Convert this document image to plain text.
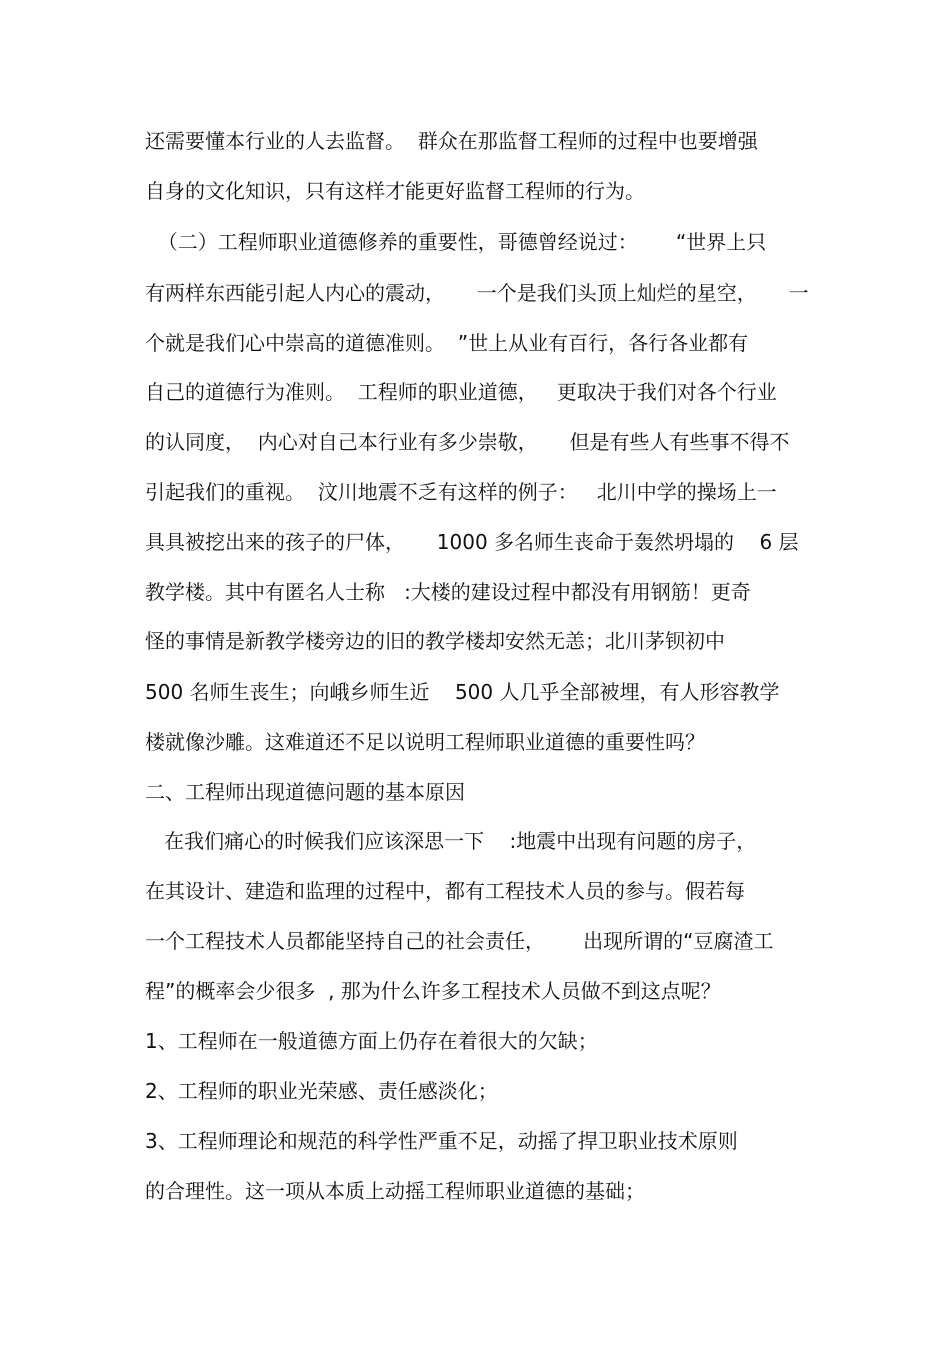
还需要懂本行业的人去监督。  群众在那监督工程师的过程中也要增强

自身的文化知识，只有这样才能更好监督工程师的行为。

（二）工程师职业道德修养的重要性，哥德曾经说过：      “世界上只

有两样东西能引起人内心的震动，     一个是我们头顶上灿烂的星空，     一

个就是我们心中崇高的道德准则。  ”世上从业有百行，各行各业都有

自己的道德行为准则。  工程师的职业道德，   更取决于我们对各个行业

的认同度，  内心对自己本行业有多少崇敬，     但是有些人有些事不得不

引起我们的重视。  汶川地震不乏有这样的例子：   北川中学的操场上一

具具被挖出来的孩子的尸体，     1000 多名师生丧命于轰然坍塌的    6 层

教学楼。其中有匿名人士称   :大楼的建设过程中都没有用钢筋！更奇

怪的事情是新教学楼旁边的旧的教学楼却安然无恙；北川茅钡初中

500 名师生丧生；向峨乡师生近    500 人几乎全部被埋，有人形容教学

楼就像沙雕。这难道还不足以说明工程师职业道德的重要性吗？

二、工程师出现道德问题的基本原因

在我们痛心的时候我们应该深思一下    :地震中出现有问题的房子，

在其设计、建造和监理的过程中，都有工程技术人员的参与。假若每

一个工程技术人员都能坚持自己的社会责任，      出现所谓的“豆腐渣工

程”的概率会少很多  , 那为什么许多工程技术人员做不到这点呢？

1、工程师在一般道德方面上仍存在着很大的欠缺；

2、工程师的职业光荣感、责任感淡化；

3、工程师理论和规范的科学性严重不足，动摇了捍卫职业技术原则

的合理性。这一项从本质上动摇工程师职业道德的基础；
